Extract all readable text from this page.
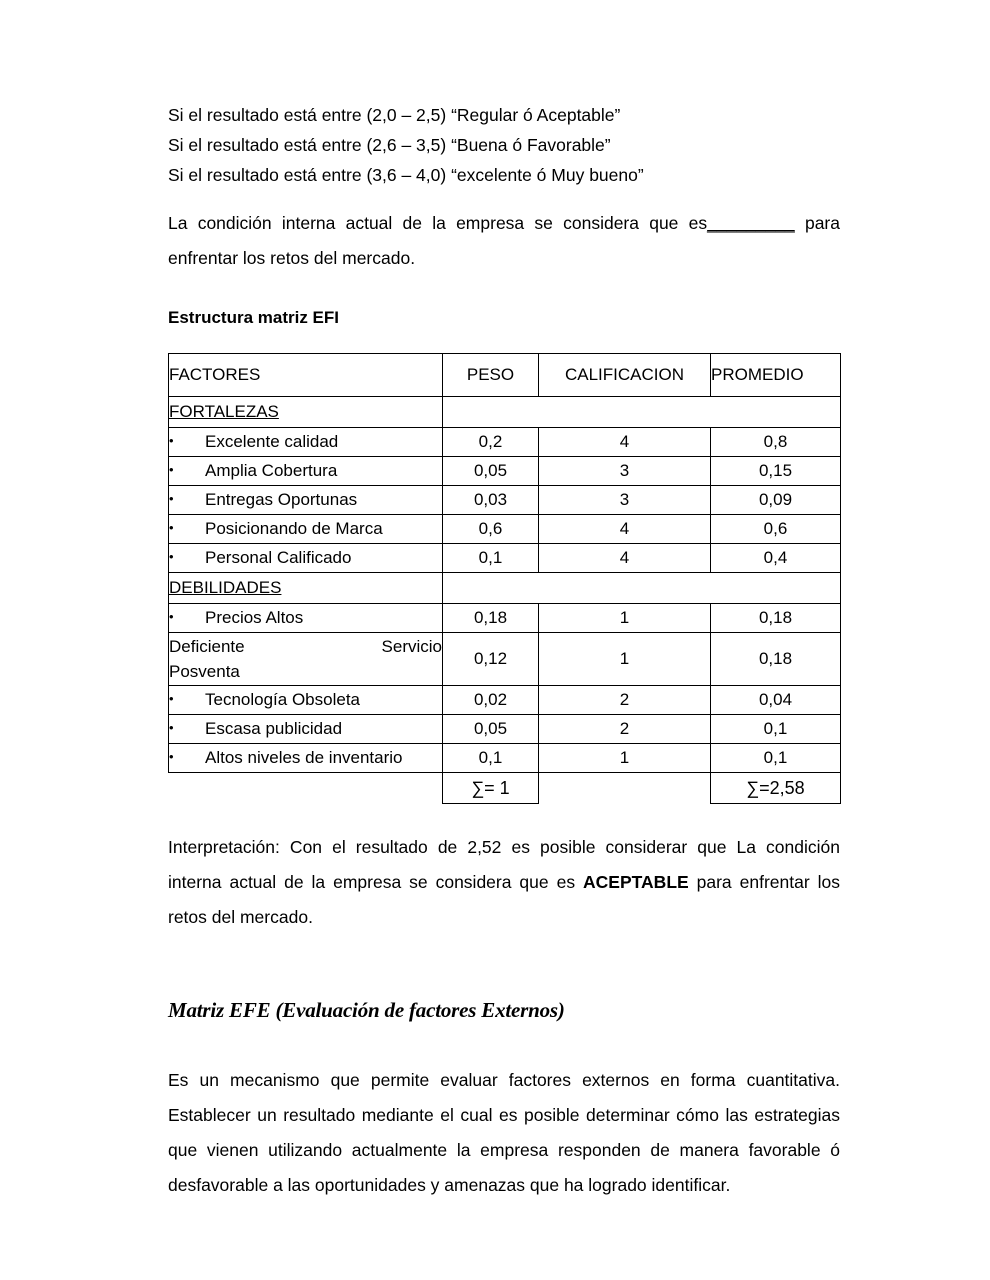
Si el resultado está entre (2,0 – 2,5) “Regular ó Aceptable”
Si el resultado está entre (2,6 – 3,5) “Buena ó Favorable”
Si el resultado está entre (3,6 – 4,0) “excelente ó Muy bueno”

La condición interna actual de la empresa se considera que es_________ para enfrentar los retos del mercado.

Estructura matriz EFI
FACTORES	PESO	CALIFICACION	PROMEDIO
FORTALEZAS			
•Excelente calidad	0,2	4	0,8
•Amplia Cobertura	0,05	3	0,15
•Entregas Oportunas	0,03	3	0,09
•Posicionando de Marca	0,6	4	0,6
•Personal Calificado	0,1	4	0,4
DEBILIDADES			
•Precios Altos	0,18	1	0,18

Deficiente Servicio
Posventa	0,12	1	0,18
•Tecnología Obsoleta	0,02	2	0,04
•Escasa publicidad	0,05	2	0,1
•Altos niveles de inventario	0,1	1	0,1
	∑= 1		∑=2,58

Interpretación: Con el resultado de 2,52 es posible considerar que La condición interna actual de la empresa se considera que es ACEPTABLE para enfrentar los retos del mercado.

Matriz EFE (Evaluación de factores Externos)

Es un mecanismo que permite evaluar factores externos en forma cuantitativa. Establecer un resultado mediante el cual es posible determinar cómo las estrategias que vienen utilizando actualmente la empresa responden de manera favorable ó desfavorable a las oportunidades y amenazas que ha logrado identificar.
